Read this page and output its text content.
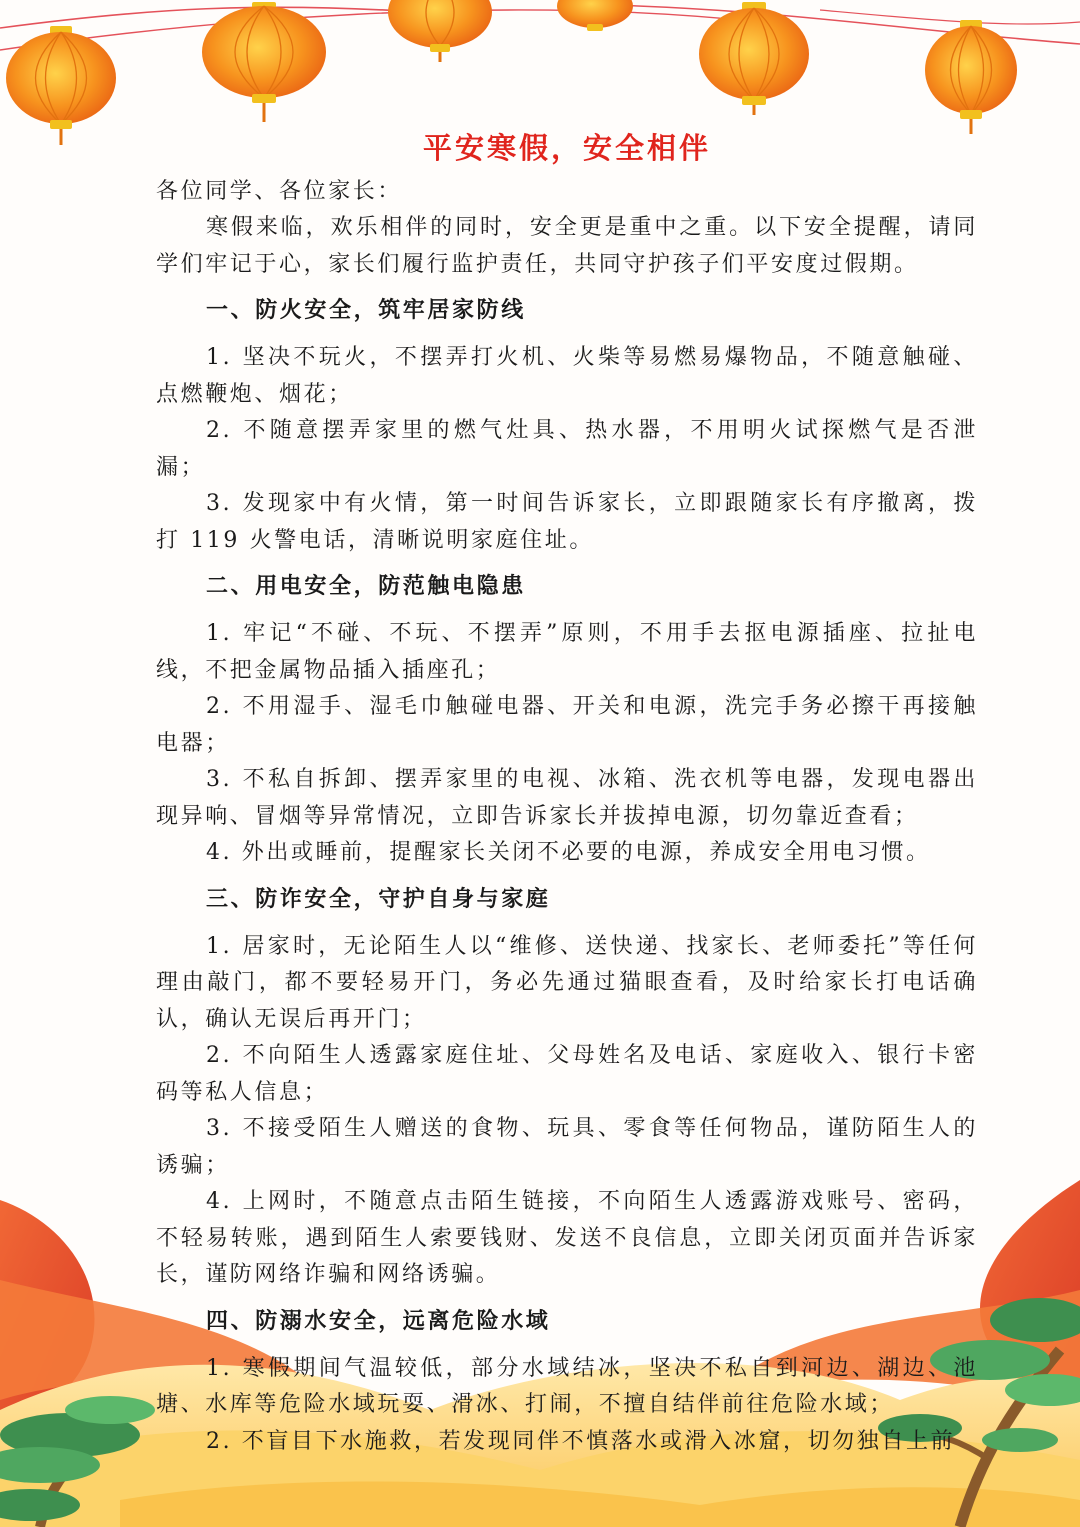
平安寒假，安全相伴

各位同学、各位家长：

寒假来临，欢乐相伴的同时，安全更是重中之重。以下安全提醒，请同学们牢记于心，家长们履行监护责任，共同守护孩子们平安度过假期。

一、防火安全，筑牢居家防线

1. 坚决不玩火，不摆弄打火机、火柴等易燃易爆物品，不随意触碰、点燃鞭炮、烟花；

2. 不随意摆弄家里的燃气灶具、热水器，不用明火试探燃气是否泄漏；

3. 发现家中有火情，第一时间告诉家长，立即跟随家长有序撤离，拨打 119 火警电话，清晰说明家庭住址。

二、用电安全，防范触电隐患

1. 牢记“不碰、不玩、不摆弄”原则，不用手去抠电源插座、拉扯电线，不把金属物品插入插座孔；

2. 不用湿手、湿毛巾触碰电器、开关和电源，洗完手务必擦干再接触电器；

3. 不私自拆卸、摆弄家里的电视、冰箱、洗衣机等电器，发现电器出现异响、冒烟等异常情况，立即告诉家长并拔掉电源，切勿靠近查看；

4. 外出或睡前，提醒家长关闭不必要的电源，养成安全用电习惯。

三、防诈安全，守护自身与家庭

1. 居家时，无论陌生人以“维修、送快递、找家长、老师委托”等任何理由敲门，都不要轻易开门，务必先通过猫眼查看，及时给家长打电话确认，确认无误后再开门；

2. 不向陌生人透露家庭住址、父母姓名及电话、家庭收入、银行卡密码等私人信息；

3. 不接受陌生人赠送的食物、玩具、零食等任何物品，谨防陌生人的诱骗；

4. 上网时，不随意点击陌生链接，不向陌生人透露游戏账号、密码，不轻易转账，遇到陌生人索要钱财、发送不良信息，立即关闭页面并告诉家长，谨防网络诈骗和网络诱骗。

四、防溺水安全，远离危险水域

1. 寒假期间气温较低，部分水域结冰，坚决不私自到河边、湖边、池塘、水库等危险水域玩耍、滑冰、打闹，不擅自结伴前往危险水域；

2. 不盲目下水施救，若发现同伴不慎落水或滑入冰窟，切勿独自上前
